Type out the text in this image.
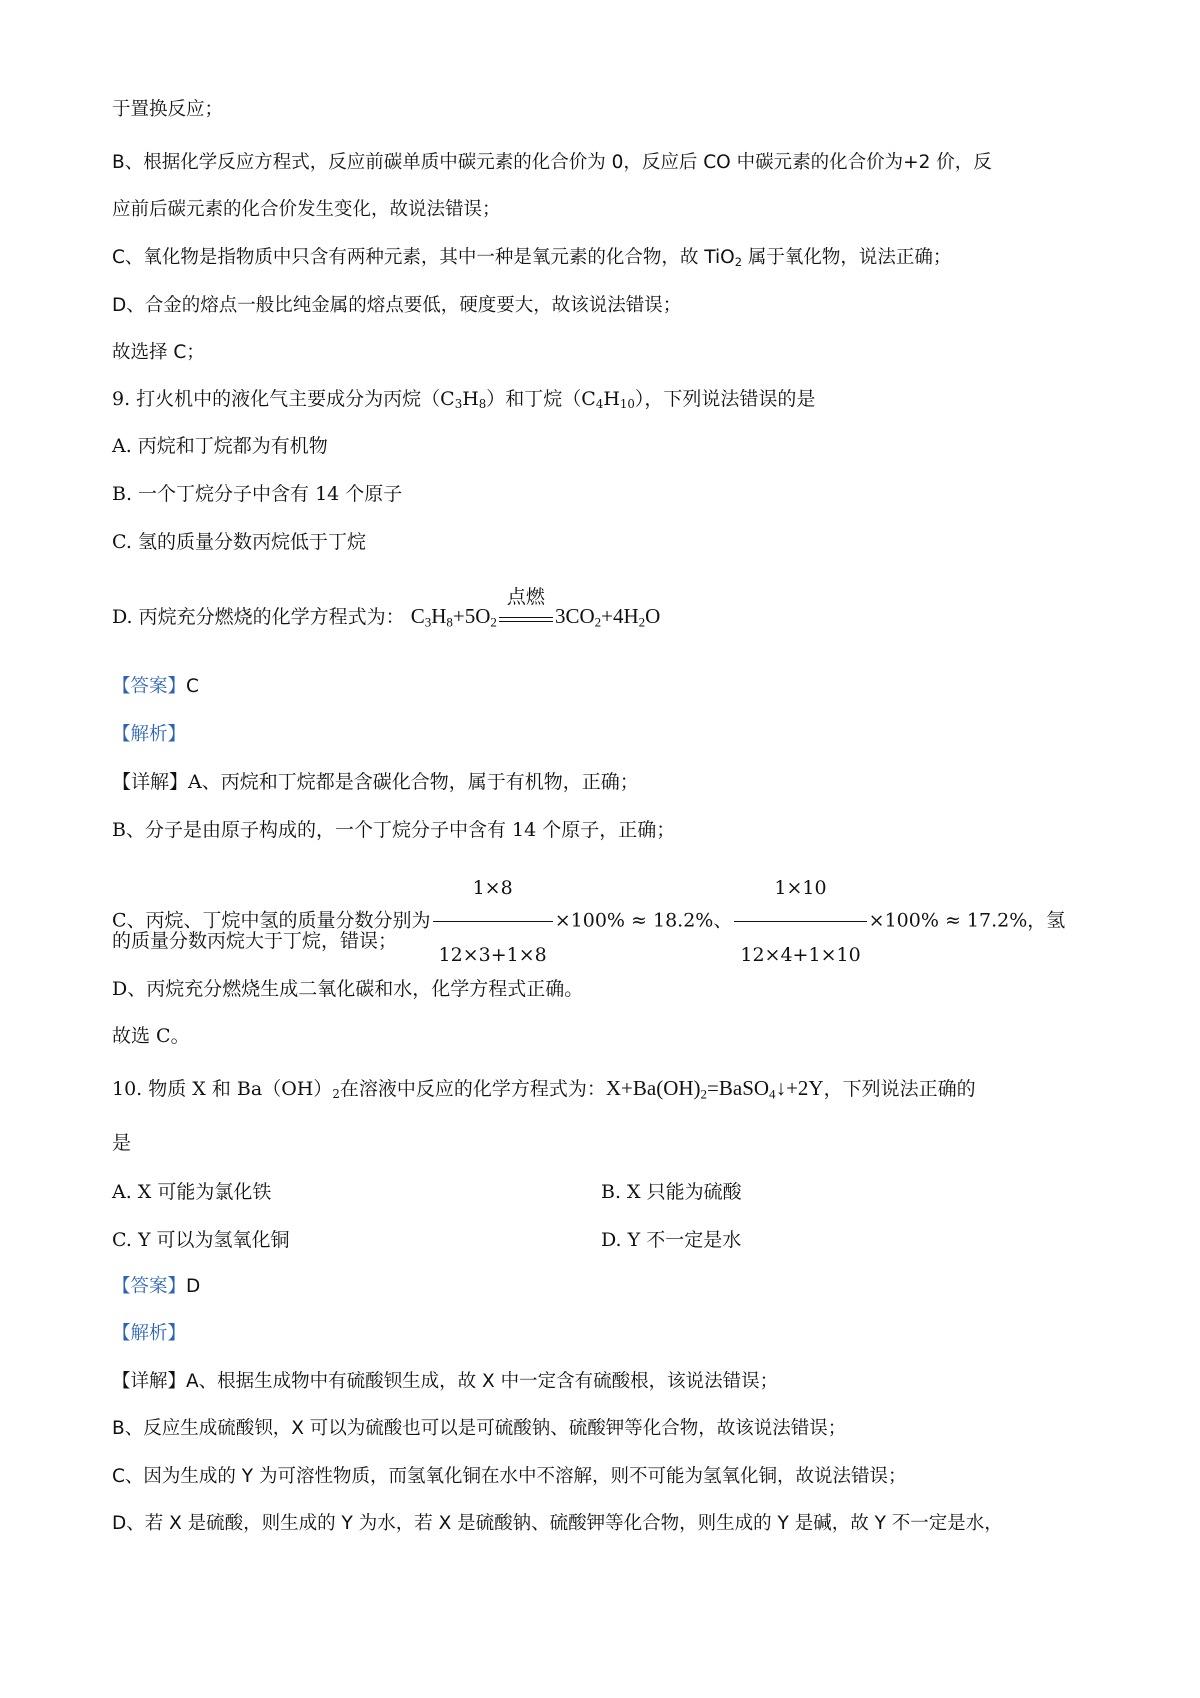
于置换反应；
B、根据化学反应方程式，反应前碳单质中碳元素的化合价为 0，反应后 CO 中碳元素的化合价为+2 价，反
应前后碳元素的化合价发生变化，故说法错误；
C、氧化物是指物质中只含有两种元素，其中一种是氧元素的化合物，故 TiO$_2$ 属于氧化物，说法正确；
D、合金的熔点一般比纯金属的熔点要低，硬度要大，故该说法错误；
故选择 C；
9. 打火机中的液化气主要成分为丙烷$(C_3H_8)$和丁烷$(C_4H_{10})$，下列说法错误的是
A. 丙烷和丁烷都为有机物
B. 一个丁烷分子中含有 14 个原子
C. 氢的质量分数丙烷低于丁烷
D. 丙烷充分燃烧的化学方程式为： $C_3H_8+5O_2$
点燃
$3CO_2+4H_2O$
【答案】C
【解析】
【详解】A、丙烷和丁烷都是含碳化合物，属于有机物，正确；
B、分子是由原子构成的，一个丁烷分子中含有 14 个原子，正确；
C、丙烷、丁烷中氢的质量分数分别为 $\frac{1\times 8}{12\times 3+1\times 8} \times 100\% \approx 18.2\%$、 $\frac{1\times 10}{12\times 4+1\times 10} \times 100\% \approx 17.2\%$，氢
的质量分数丙烷大于丁烷，错误；
D、丙烷充分燃烧生成二氧化碳和水，化学方程式正确。
故选 C。
10. 物质 X 和 $Ba(OH)_2$在溶液中反应的化学方程式为：$X+Ba(OH)_2=BaSO_4↓+2Y$，下列说法正确的
是
A. X 可能为氯化铁	B. X 只能为硫酸
C. Y 可以为氢氧化铜	D. Y 不一定是水
【答案】D
【解析】
【详解】A、根据生成物中有硫酸钡生成，故 X 中一定含有硫酸根，该说法错误；
B、反应生成硫酸钡，X 可以为硫酸也可以是可硫酸钠、硫酸钾等化合物，故该说法错误；
C、因为生成的 Y 为可溶性物质，而氢氧化铜在水中不溶解，则不可能为氢氧化铜，故说法错误；
D、若 X 是硫酸，则生成的 Y 为水，若 X 是硫酸钠、硫酸钾等化合物，则生成的 Y 是碱，故 Y 不一定是水，
